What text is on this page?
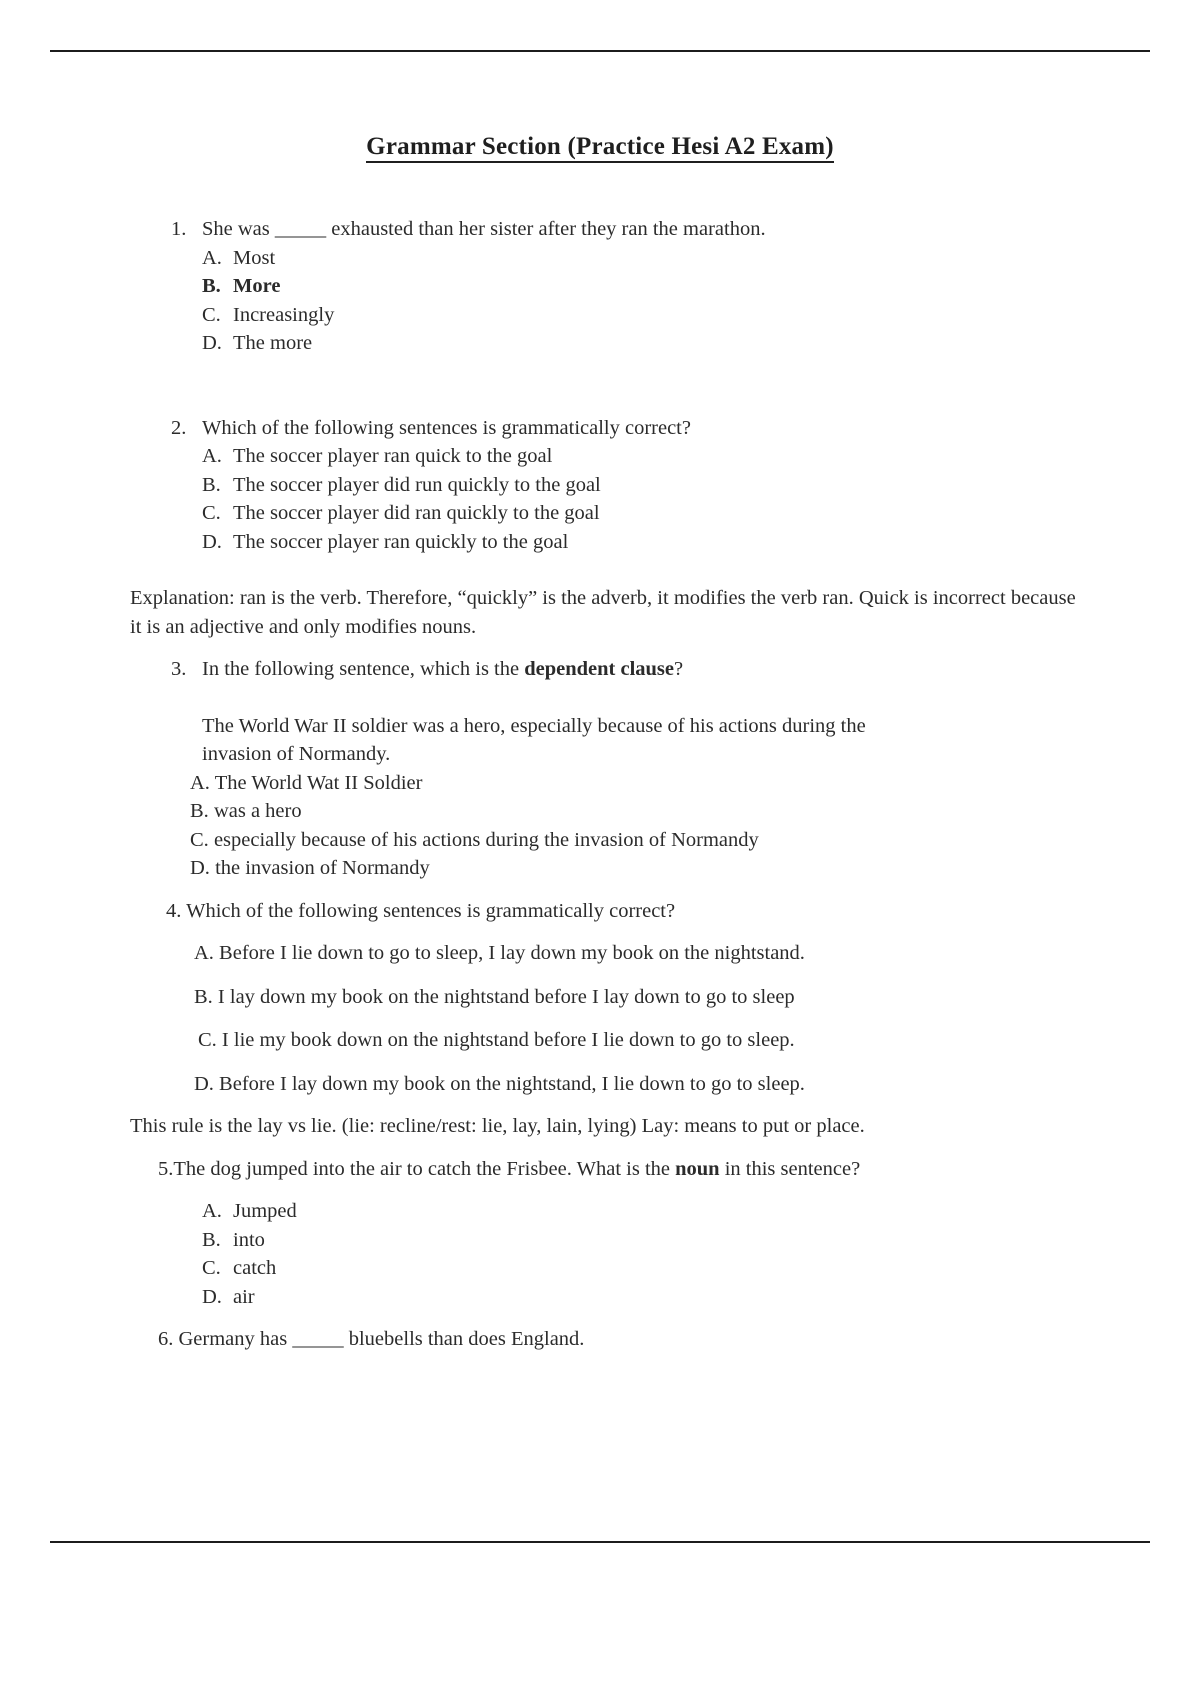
Grammar Section (Practice Hesi A2 Exam)
1. She was _____ exhausted than her sister after they ran the marathon.
A. Most
B. More
C. Increasingly
D. The more
2. Which of the following sentences is grammatically correct?
A. The soccer player ran quick to the goal
B. The soccer player did run quickly to the goal
C. The soccer player did ran quickly to the goal
D. The soccer player ran quickly to the goal
Explanation: ran is the verb. Therefore, “quickly” is the adverb, it modifies the verb ran. Quick is incorrect because it is an adjective and only modifies nouns.
3. In the following sentence, which is the dependent clause?
The World War II soldier was a hero, especially because of his actions during the invasion of Normandy.
A. The World Wat II Soldier
B. was a hero
C. especially because of his actions during the invasion of Normandy
D. the invasion of Normandy
4. Which of the following sentences is grammatically correct?
A. Before I lie down to go to sleep, I lay down my book on the nightstand.
B. I lay down my book on the nightstand before I lay down to go to sleep
C. I lie my book down on the nightstand before I lie down to go to sleep.
D. Before I lay down my book on the nightstand, I lie down to go to sleep.
This rule is the lay vs lie. (lie: recline/rest: lie, lay, lain, lying) Lay: means to put or place.
5.The dog jumped into the air to catch the Frisbee. What is the noun in this sentence?
A. Jumped
B. into
C. catch
D. air
6. Germany has _____ bluebells than does England.
